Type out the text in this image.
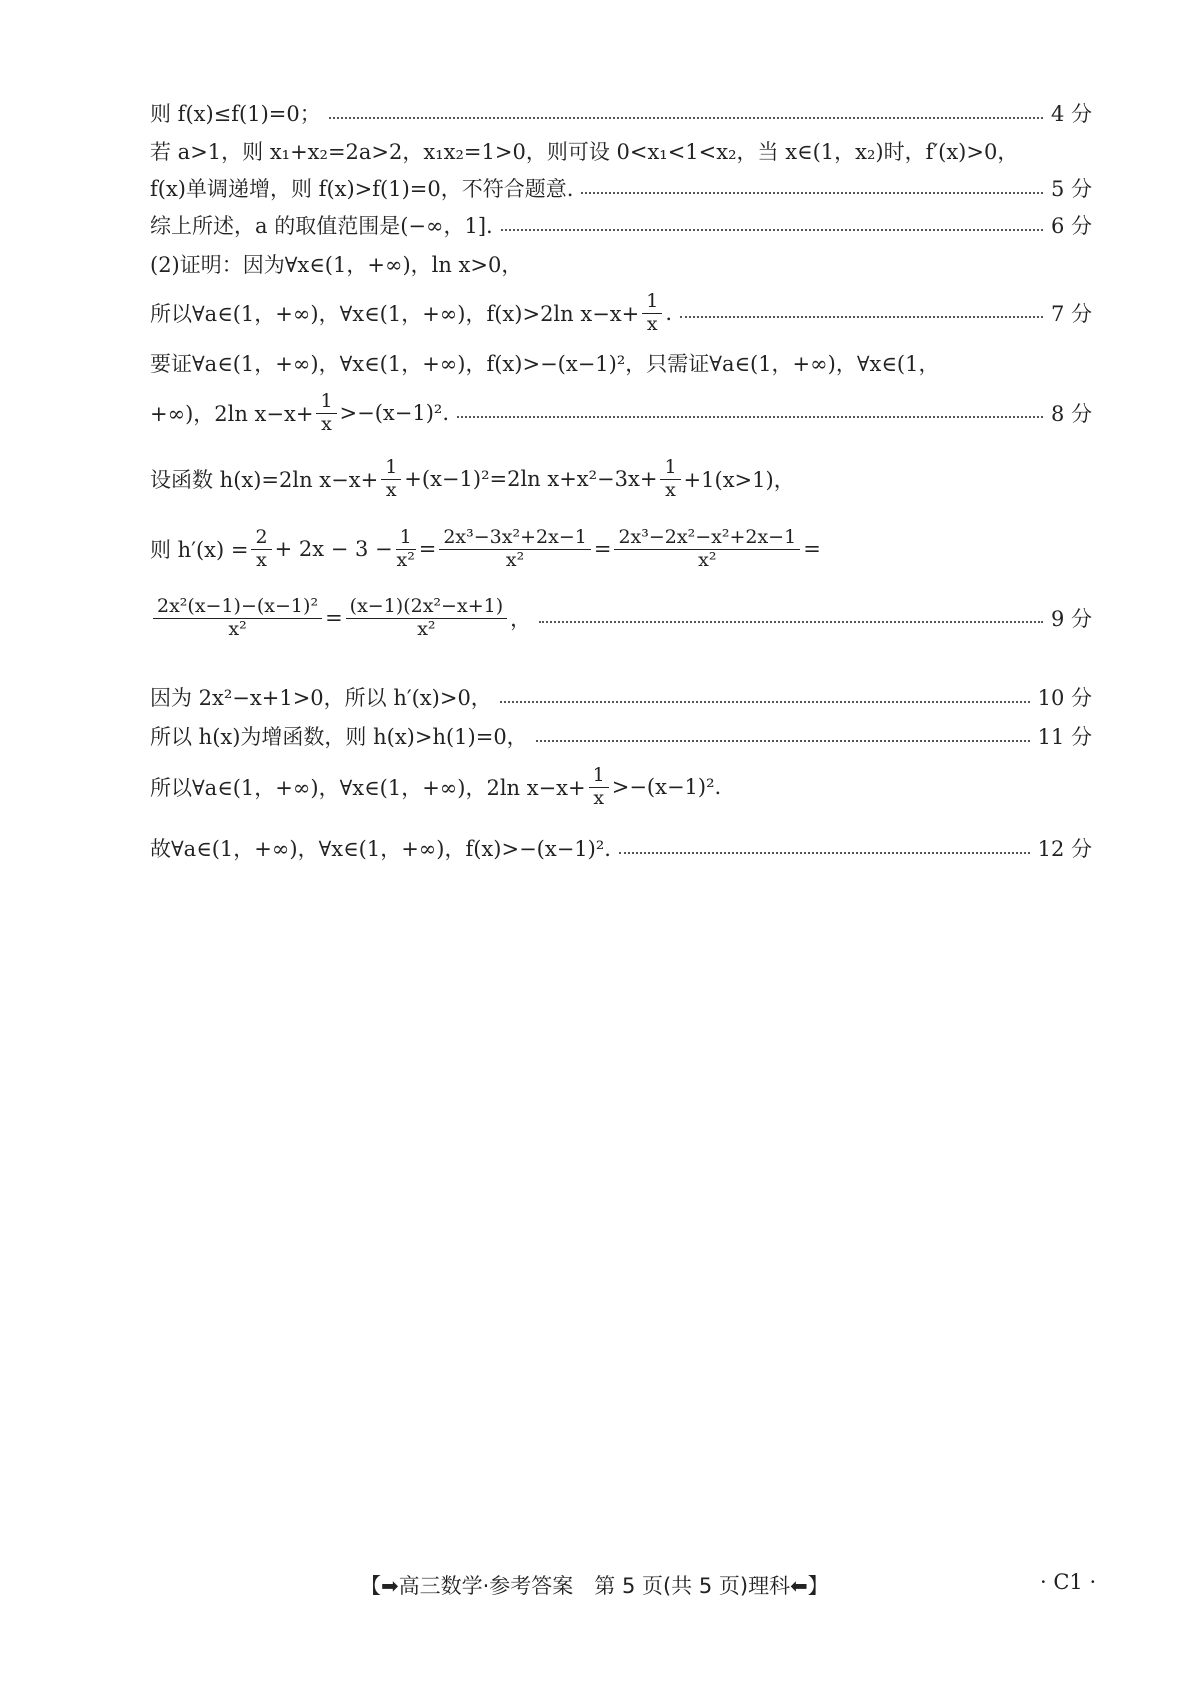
则 f(x)≤f(1)=0；	4 分
若 a>1，则 x₁+x₂=2a>2，x₁x₂=1>0，则可设 0<x₁<1<x₂，当 x∈(1，x₂)时，f′(x)>0，
f(x)单调递增，则 f(x)>f(1)=0，不符合题意.	5 分
综上所述，a 的取值范围是(−∞，1].	6 分
(2)证明：因为∀x∈(1，+∞)，ln x>0，
所以∀a∈(1，+∞)，∀x∈(1，+∞)，f(x)>2ln $x-x+ \frac{1}{x}$ .	7 分
要证∀a∈(1，+∞)，∀x∈(1，+∞)，f(x)>−(x−1)²，只需证∀a∈(1，+∞)，∀x∈(1，
+∞)，2ln $x-x+ \frac{1}{x} >-(x-1)^2$.	8 分
设函数 h(x)=2ln $x-x+ \frac{1}{x} +(x-1)^2=2\ln$ $x+x^2-3x+ \frac{1}{x} +1(x>1)$，
则 $h'(x) = \frac{2}{x} + 2x - 3 - \frac{1}{\text{x²}} = \frac{\text{2x³−3x²+2x−1}}{\text{x²}} = \frac{\text{2x³−2x²−x²+2x−1}}{\text{x²}}$ =
$\frac{\text{2x²(x−1)−(x−1)²}}{\text{x²}} = \frac{\text{(x−1)(2x²−x+1)}}{\text{x²}}$ ，	9 分
因为 2x²−x+1>0，所以 h′(x)>0，	10 分
所以 h(x)为增函数，则 h(x)>h(1)=0，	11 分
所以∀a∈(1，+∞)，∀x∈(1，+∞)，2ln $x-x+ \frac{1}{x} >-(x-1)^2$.
故∀a∈(1，+∞)，∀x∈(1，+∞)，f(x)>−(x−1)².	12 分
【➡高三数学·参考答案　第 5 页(共 5 页)理科⬅】	· C1 ·
